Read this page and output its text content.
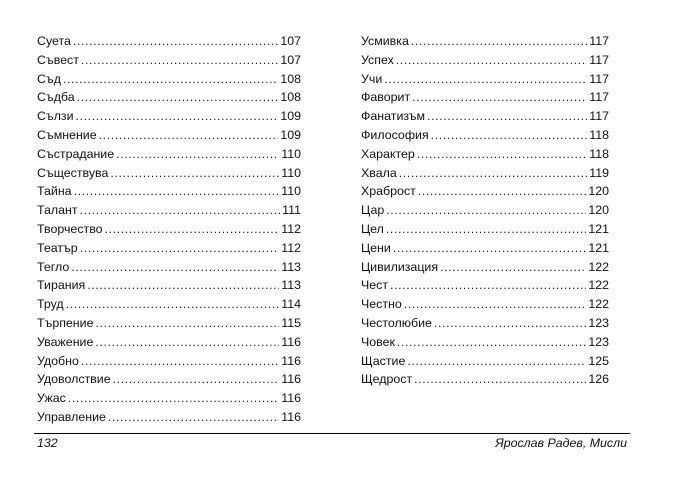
Суета .....	107
Съвест .....	107
Съд .....	108
Съдба .....	108
Сълзи .....	109
Съмнение .....	109
Състрадание .....	110
Съществува .....	110
Тайна .....	110
Талант .....	111
Творчество .....	112
Театър .....	112
Тегло .....	113
Тирания .....	113
Труд .....	114
Търпение .....	115
Уважение .....	116
Удобно .....	116
Удоволствие .....	116
Ужас .....	116
Управление .....	116
Усмивка .....	117
Успех .....	117
Учи .....	117
Фаворит .....	117
Фанатизъм .....	117
Философия .....	118
Характер .....	118
Хвала .....	119
Храброст .....	120
Цар .....	120
Цел .....	121
Цени .....	121
Цивилизация .....	122
Чест .....	122
Честно .....	122
Честолюбие .....	123
Човек .....	123
Щастие .....	125
Щедрост .....	126
132	Ярослав Радев, Мисли
